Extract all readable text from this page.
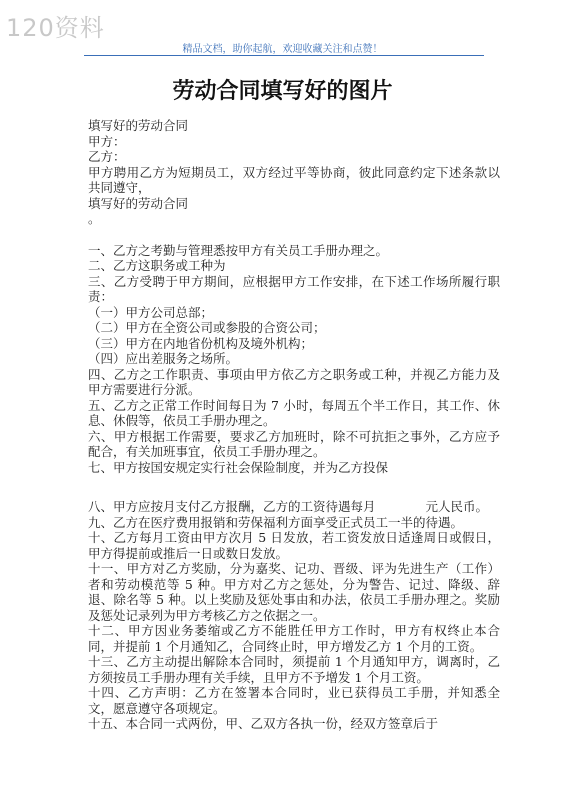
120资料
精品文档，助你起航，欢迎收藏关注和点赞！
劳动合同填写好的图片

填写好的劳动合同

甲方：

乙方：

甲方聘用乙方为短期员工，双方经过平等协商，彼此同意约定下述条款以共同遵守，

填写好的劳动合同

。

一、乙方之考勤与管理悉按甲方有关员工手册办理之。

二、乙方这职务或工种为

三、乙方受聘于甲方期间，应根据甲方工作安排，在下述工作场所履行职责：

（一）甲方公司总部；

（二）甲方在全资公司或参股的合资公司；

（三）甲方在内地省份机构及境外机构；

（四）应出差服务之场所。

四、乙方之工作职责、事项由甲方依乙方之职务或工种，并视乙方能力及甲方需要进行分派。

五、乙方之正常工作时间每日为 7 小时，每周五个半工作日，其工作、休息、休假等，依员工手册办理之。

六、甲方根据工作需要，要求乙方加班时，除不可抗拒之事外，乙方应予配合，有关加班事宜，依员工手册办理之。

七、甲方按国安规定实行社会保险制度，并为乙方投保

八、甲方应按月支付乙方报酬，乙方的工资待遇每月　　　　元人民币。

九、乙方在医疗费用报销和劳保福利方面享受正式员工一半的待遇。

十、乙方每月工资由甲方次月 5 日发放，若工资发放日适逢周日或假日，甲方得提前或推后一日或数日发放。

十一、甲方对乙方奖励，分为嘉奖、记功、晋级、评为先进生产（工作）者和劳动模范等 5 种。甲方对乙方之惩处，分为警告、记过、降级、辞退、除名等 5 种。以上奖励及惩处事由和办法，依员工手册办理之。奖励及惩处记录列为甲方考核乙方之依据之一。

十二、甲方因业务萎缩或乙方不能胜任甲方工作时，甲方有权终止本合同，并提前 1 个月通知乙，合同终止时，甲方增发乙方 1 个月的工资。

十三、乙方主动提出解除本合同时，须提前 1 个月通知甲方，调离时，乙方须按员工手册办理有关手续，且甲方不予增发 1 个月工资。

十四、乙方声明：乙方在签署本合同时，业已获得员工手册，并知悉全文，愿意遵守各项规定。

十五、本合同一式两份，甲、乙双方各执一份，经双方签章后于
